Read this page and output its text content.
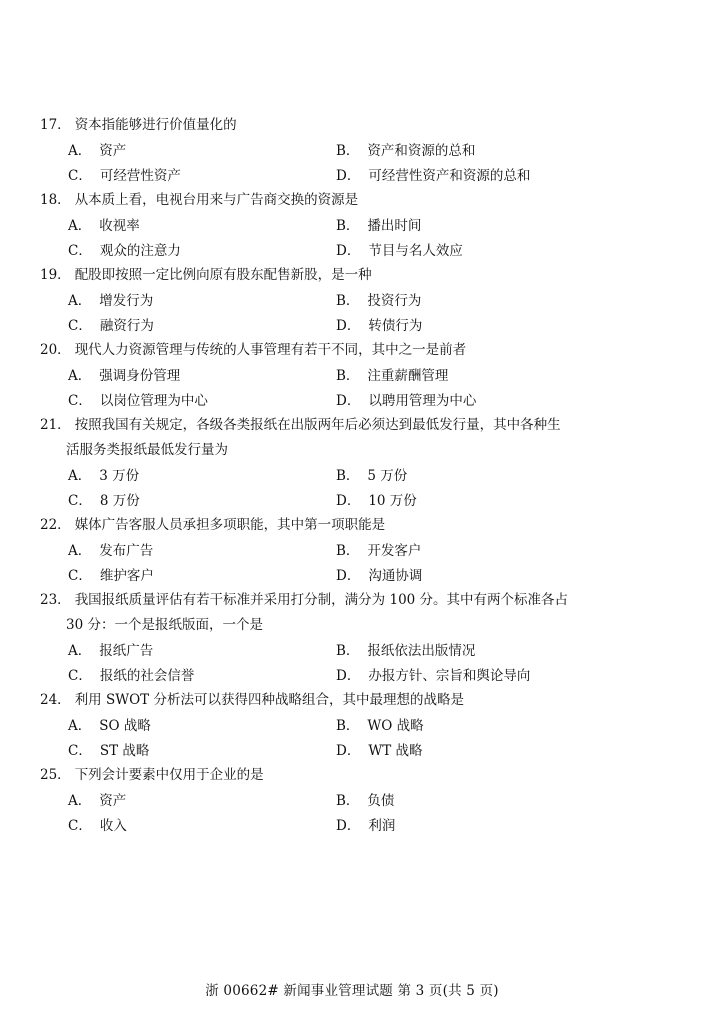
17． 资本指能够进行价值量化的
A． 资产	B． 资产和资源的总和
C． 可经营性资产	D． 可经营性资产和资源的总和
18． 从本质上看，电视台用来与广告商交换的资源是
A． 收视率	B． 播出时间
C． 观众的注意力	D． 节目与名人效应
19． 配股即按照一定比例向原有股东配售新股，是一种
A． 增发行为	B． 投资行为
C． 融资行为	D． 转债行为
20． 现代人力资源管理与传统的人事管理有若干不同，其中之一是前者
A． 强调身份管理	B． 注重薪酬管理
C． 以岗位管理为中心	D． 以聘用管理为中心
21． 按照我国有关规定，各级各类报纸在出版两年后必须达到最低发行量，其中各种生
活服务类报纸最低发行量为
A． 3 万份	B． 5 万份
C． 8 万份	D． 10 万份
22． 媒体广告客服人员承担多项职能，其中第一项职能是
A． 发布广告	B． 开发客户
C． 维护客户	D． 沟通协调
23． 我国报纸质量评估有若干标准并采用打分制，满分为 100 分。其中有两个标准各占
30 分：一个是报纸版面，一个是
A． 报纸广告	B． 报纸依法出版情况
C． 报纸的社会信誉	D． 办报方针、宗旨和舆论导向
24． 利用 SWOT 分析法可以获得四种战略组合，其中最理想的战略是
A． SO 战略	B． WO 战略
C． ST 战略	D． WT 战略
25． 下列会计要素中仅用于企业的是
A． 资产	B． 负债
C． 收入	D． 利润
浙 00662# 新闻事业管理试题 第 3 页(共 5 页)
